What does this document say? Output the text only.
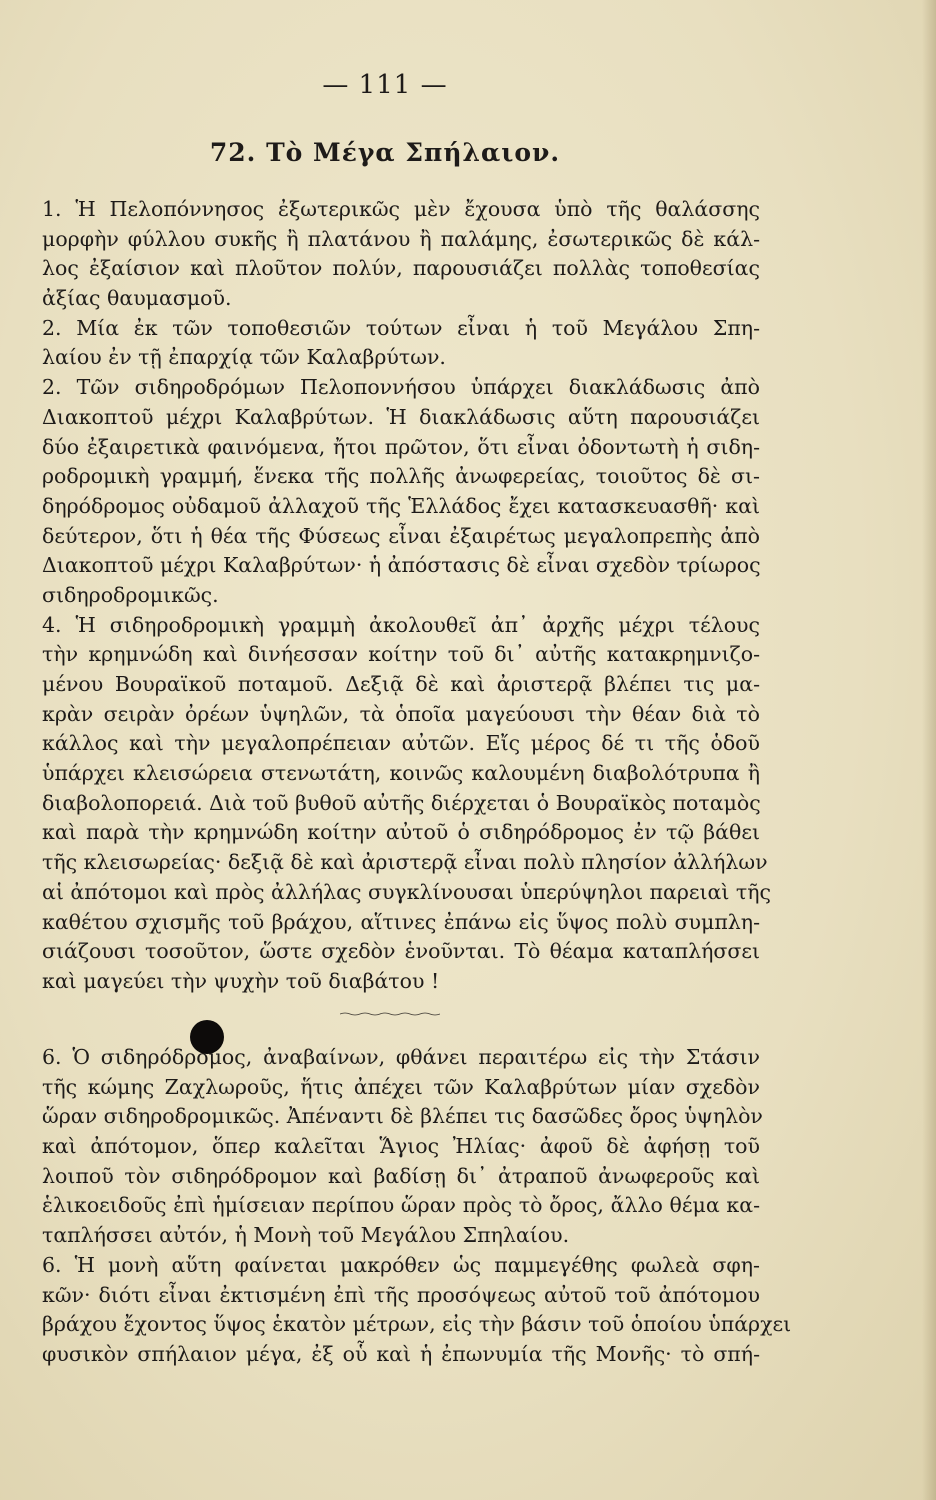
— 111 —
72. Τὸ Μέγα Σπήλαιον.
1. Ἡ Πελοπόννησος ἐξωτερικῶς μὲν ἔχουσα ὑπὸ τῆς θαλάσσης
μορφὴν φύλλου συκῆς ἢ πλατάνου ἢ παλάμης, ἐσωτερικῶς δὲ κάλ-
λος ἐξαίσιον καὶ πλοῦτον πολύν, παρουσιάζει πολλὰς τοποθεσίας
ἀξίας θαυμασμοῦ.
2. Μία ἐκ τῶν τοποθεσιῶν τούτων εἶναι ἡ τοῦ Μεγάλου Σπη-
λαίου ἐν τῇ ἐπαρχίᾳ τῶν Καλαβρύτων.
2. Τῶν σιδηροδρόμων Πελοποννήσου ὑπάρχει διακλάδωσις ἀπὸ
Διακοπτοῦ μέχρι Καλαβρύτων. Ἡ διακλάδωσις αὕτη παρουσιάζει
δύο ἐξαιρετικὰ φαινόμενα, ἤτοι πρῶτον, ὅτι εἶναι ὀδοντωτὴ ἡ σιδη-
ροδρομικὴ γραμμή, ἕνεκα τῆς πολλῆς ἀνωφερείας, τοιοῦτος δὲ σι-
δηρόδρομος οὐδαμοῦ ἀλλαχοῦ τῆς Ἑλλάδος ἔχει κατασκευασθῆ· καὶ
δεύτερον, ὅτι ἡ θέα τῆς Φύσεως εἶναι ἐξαιρέτως μεγαλοπρεπὴς ἀπὸ
Διακοπτοῦ μέχρι Καλαβρύτων· ἡ ἀπόστασις δὲ εἶναι σχεδὸν τρίωρος
σιδηροδρομικῶς.
4. Ἡ σιδηροδρομικὴ γραμμὴ ἀκολουθεῖ ἀπ᾿ ἀρχῆς μέχρι τέλους
τὴν κρημνώδη καὶ δινήεσσαν κοίτην τοῦ δι᾿ αὐτῆς κατακρημνιζο-
μένου Βουραϊκοῦ ποταμοῦ. Δεξιᾷ δὲ καὶ ἀριστερᾷ βλέπει τις μα-
κρὰν σειρὰν ὀρέων ὑψηλῶν, τὰ ὁποῖα μαγεύουσι τὴν θέαν διὰ τὸ
κάλλος καὶ τὴν μεγαλοπρέπειαν αὐτῶν. Εἴς μέρος δέ τι τῆς ὁδοῦ
ὑπάρχει κλεισώρεια στενωτάτη, κοινῶς καλουμένη διαβολότρυπα ἢ
διαβολοπορειά. Διὰ τοῦ βυθοῦ αὐτῆς διέρχεται ὁ Βουραϊκὸς ποταμὸς
καὶ παρὰ τὴν κρημνώδη κοίτην αὐτοῦ ὁ σιδηρόδρομος ἐν τῷ βάθει
τῆς κλεισωρείας· δεξιᾷ δὲ καὶ ἀριστερᾷ εἶναι πολὺ πλησίον ἀλλήλων
αἱ ἀπότομοι καὶ πρὸς ἀλλήλας συγκλίνουσαι ὑπερύψηλοι παρειαὶ τῆς
καθέτου σχισμῆς τοῦ βράχου, αἵτινες ἐπάνω εἰς ὕψος πολὺ συμπλη-
σιάζουσι τοσοῦτον, ὥστε σχεδὸν ἑνοῦνται. Τὸ θέαμα καταπλήσσει
καὶ μαγεύει τὴν ψυχὴν τοῦ διαβάτου !
6. Ὁ σιδηρόδρομος, ἀναβαίνων, φθάνει περαιτέρω εἰς τὴν Στάσιν
τῆς κώμης Ζαχλωροῦς, ἥτις ἀπέχει τῶν Καλαβρύτων μίαν σχεδὸν
ὥραν σιδηροδρομικῶς. Ἀπέναντι δὲ βλέπει τις δασῶδες ὄρος ὑψηλὸν
καὶ ἀπότομον, ὅπερ καλεῖται Ἅγιος Ἠλίας· ἀφοῦ δὲ ἀφήσῃ τοῦ
λοιποῦ τὸν σιδηρόδρομον καὶ βαδίσῃ δι᾿ ἀτραποῦ ἀνωφεροῦς καὶ
ἑλικοειδοῦς ἐπὶ ἡμίσειαν περίπου ὥραν πρὸς τὸ ὄρος, ἄλλο θέμα κα-
ταπλήσσει αὐτόν, ἡ Μονὴ τοῦ Μεγάλου Σπηλαίου.
6. Ἡ μονὴ αὕτη φαίνεται μακρόθεν ὡς παμμεγέθης φωλεὰ σφη-
κῶν· διότι εἶναι ἐκτισμένη ἐπὶ τῆς προσόψεως αὐτοῦ τοῦ ἀπότομου
βράχου ἔχοντος ὕψος ἑκατὸν μέτρων, εἰς τὴν βάσιν τοῦ ὁποίου ὑπάρχει
φυσικὸν σπήλαιον μέγα, ἐξ οὗ καὶ ἡ ἐπωνυμία τῆς Μονῆς· τὸ σπή-
